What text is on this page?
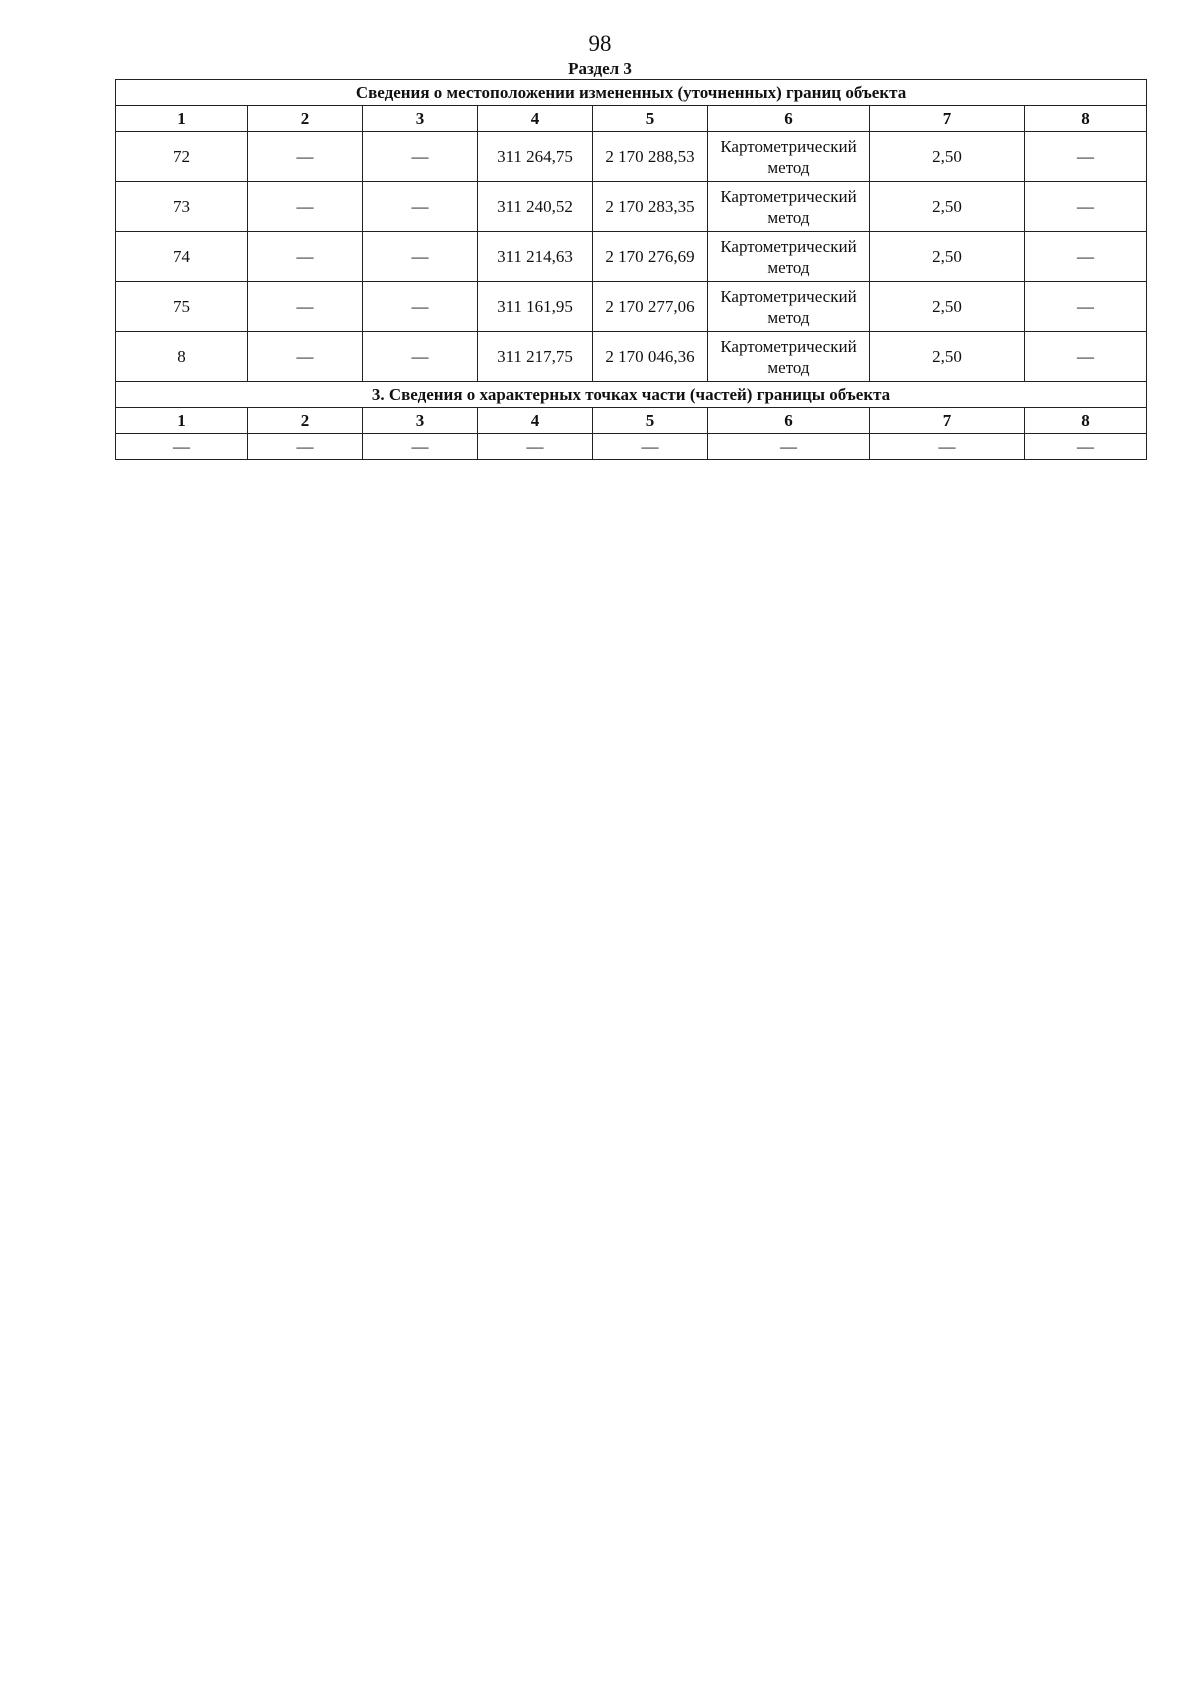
98
Раздел 3
Сведения о местоположении измененных (уточненных) границ объекта							
1	2	3	4	5	6	7	8
72	—	—	311 264,75	2 170 288,53	Картометрический метод	2,50	—
73	—	—	311 240,52	2 170 283,35	Картометрический метод	2,50	—
74	—	—	311 214,63	2 170 276,69	Картометрический метод	2,50	—
75	—	—	311 161,95	2 170 277,06	Картометрический метод	2,50	—
8	—	—	311 217,75	2 170 046,36	Картометрический метод	2,50	—
3. Сведения о характерных точках части (частей) границы объекта							
1	2	3	4	5	6	7	8
—	—	—	—	—	—	—	—
